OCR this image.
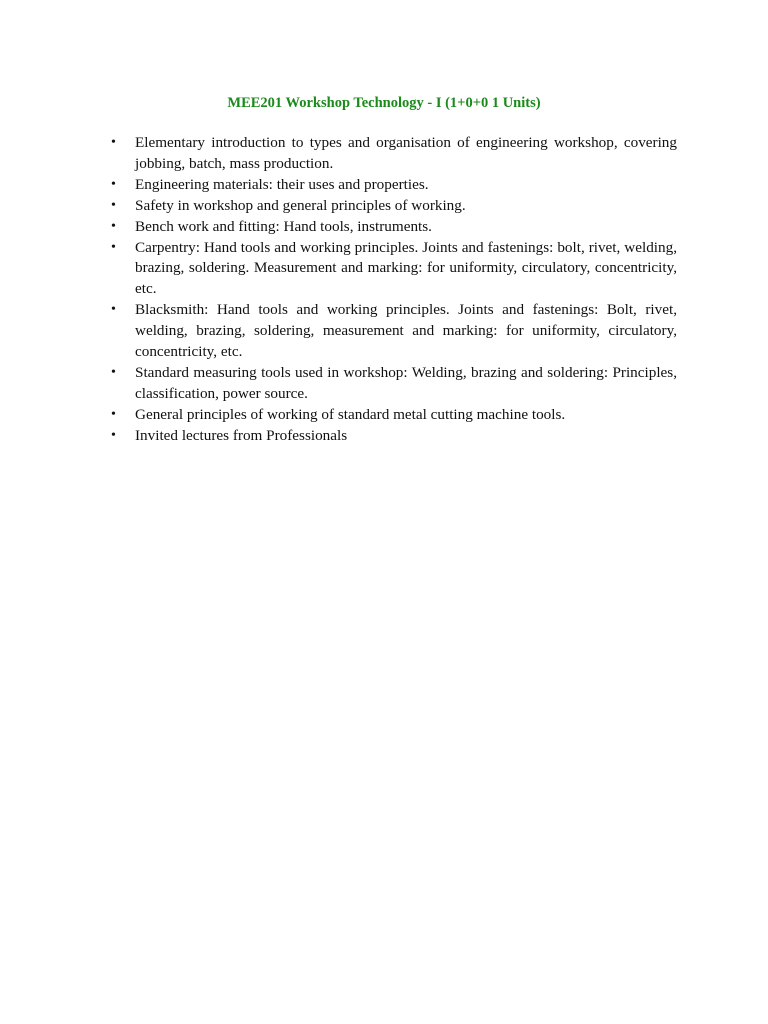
MEE201 Workshop Technology - I (1+0+0 1 Units)
•	Elementary introduction to types and organisation of engineering workshop, covering jobbing, batch, mass production.
•	Engineering materials: their uses and properties.
•	Safety in workshop and general principles of working.
•	Bench work and fitting: Hand tools, instruments.
•	Carpentry: Hand tools and working principles. Joints and fastenings: bolt, rivet, welding, brazing, soldering. Measurement and marking: for uniformity, circulatory, concentricity, etc.
•	Blacksmith: Hand tools and working principles. Joints and fastenings: Bolt, rivet, welding, brazing, soldering, measurement and marking: for uniformity, circulatory, concentricity, etc.
•	Standard measuring tools used in workshop: Welding, brazing and soldering: Principles, classification, power source.
•	General principles of working of standard metal cutting machine tools.
•	Invited lectures from Professionals
